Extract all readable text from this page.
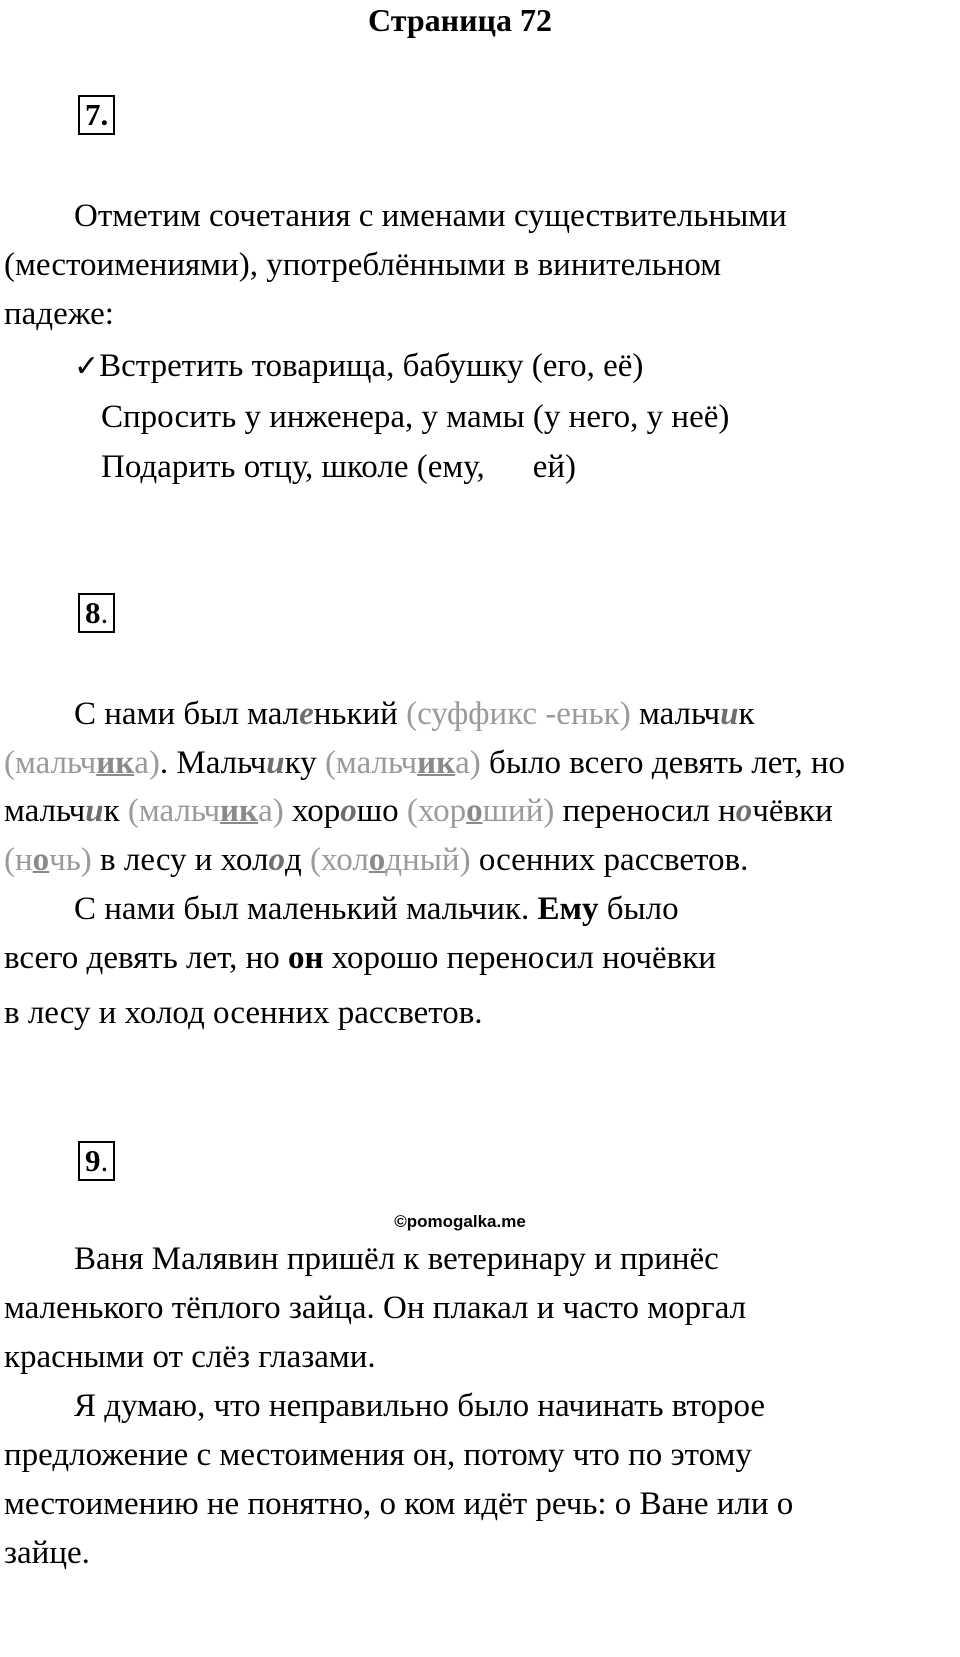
Страница 72
7.
Отметим сочетания с именами существительными
(местоимениями), употреблёнными в винительном
падеже:
✓Встретить товарища, бабушку (его, её)
Спросить у инженера, у мамы (у него, у неё)
Подарить отцу, школе (ему, ей)
8.
С нами был маленький (суффикс -еньк) мальчик
(мальчика). Мальчику (мальчика) было всего девять лет, но
мальчик (мальчика) хорошо (хороший) переносил ночёвки
(ночь) в лесу и холод (холодный) осенних рассветов.
С нами был маленький мальчик. Ему было
всего девять лет, но он хорошо переносил ночёвки
в лесу и холод осенних рассветов.
9.
©pomogalka.me
Ваня Малявин пришёл к ветеринару и принёс
маленького тёплого зайца. Он плакал и часто моргал
красными от слёз глазами.
Я думаю, что неправильно было начинать второе
предложение с местоимения он, потому что по этому
местоимению не понятно, о ком идёт речь: о Ване или о
зайце.
